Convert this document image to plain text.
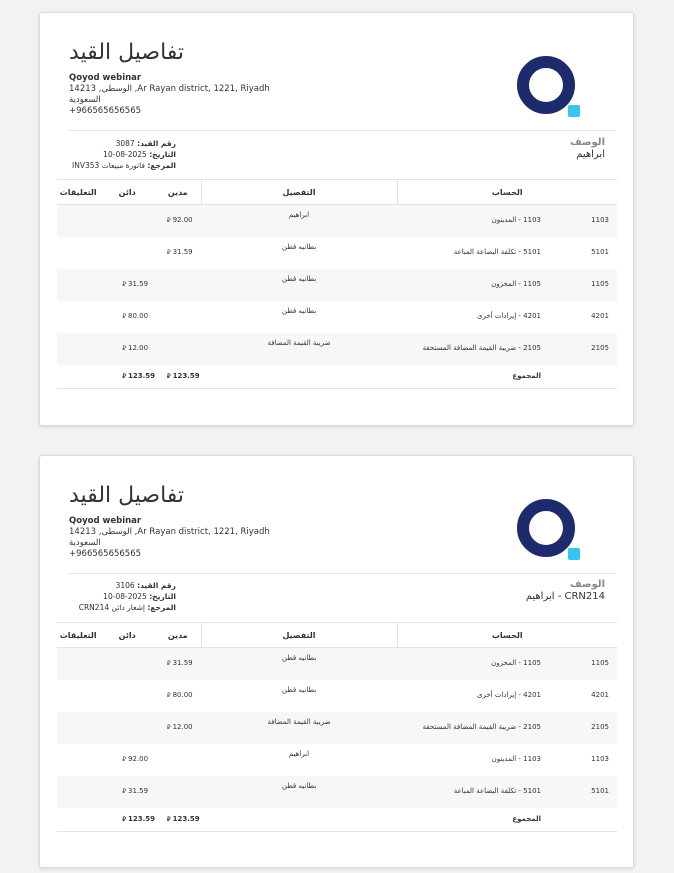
تفاصيل القيد
Qoyod webinar
14213 ,الوسطى ,Ar Rayan district, 1221, Riyadh
السعودية
+966565656565
رقم القيد: 3087
التاريخ: 2025-08-10
المرجع: فاتورة مبيعات INV353
الوصف
ابراهيم
الحساب		التفصيل	مدين	دائن	التعليقات
1103	1103 - المدينون	ابراهيم	⃁ 92.00		
5101	5101 - تكلفة البضاعة المباعة	بطانيه قطن	⃁ 31.59		
1105	1105 - المخزون	بطانيه قطن		⃁ 31.59	
4201	4201 - إيرادات أخرى	بطانيه قطن		⃁ 80.00	
2105	2105 - ضريبة القيمة المضافة المستحقة	ضريبة القيمة المضافة		⃁ 12.00	
	المجموع		⃁ 123.59	⃁ 123.59	
تفاصيل القيد
Qoyod webinar
14213 ,الوسطى ,Ar Rayan district, 1221, Riyadh
السعودية
+966565656565
رقم القيد: 3106
التاريخ: 2025-08-10
المرجع: إشعار دائن CRN214
الوصف
ابراهيم - CRN214
الحساب		التفصيل	مدين	دائن	التعليقات
1105	1105 - المخزون	بطانيه قطن	⃁ 31.59		
4201	4201 - إيرادات أخرى	بطانيه قطن	⃁ 80.00		
2105	2105 - ضريبة القيمة المضافة المستحقة	ضريبة القيمة المضافة	⃁ 12.00		
1103	1103 - المدينون	ابراهيم		⃁ 92.00	
5101	5101 - تكلفة البضاعة المباعة	بطانيه قطن		⃁ 31.59	
	المجموع		⃁ 123.59	⃁ 123.59	
